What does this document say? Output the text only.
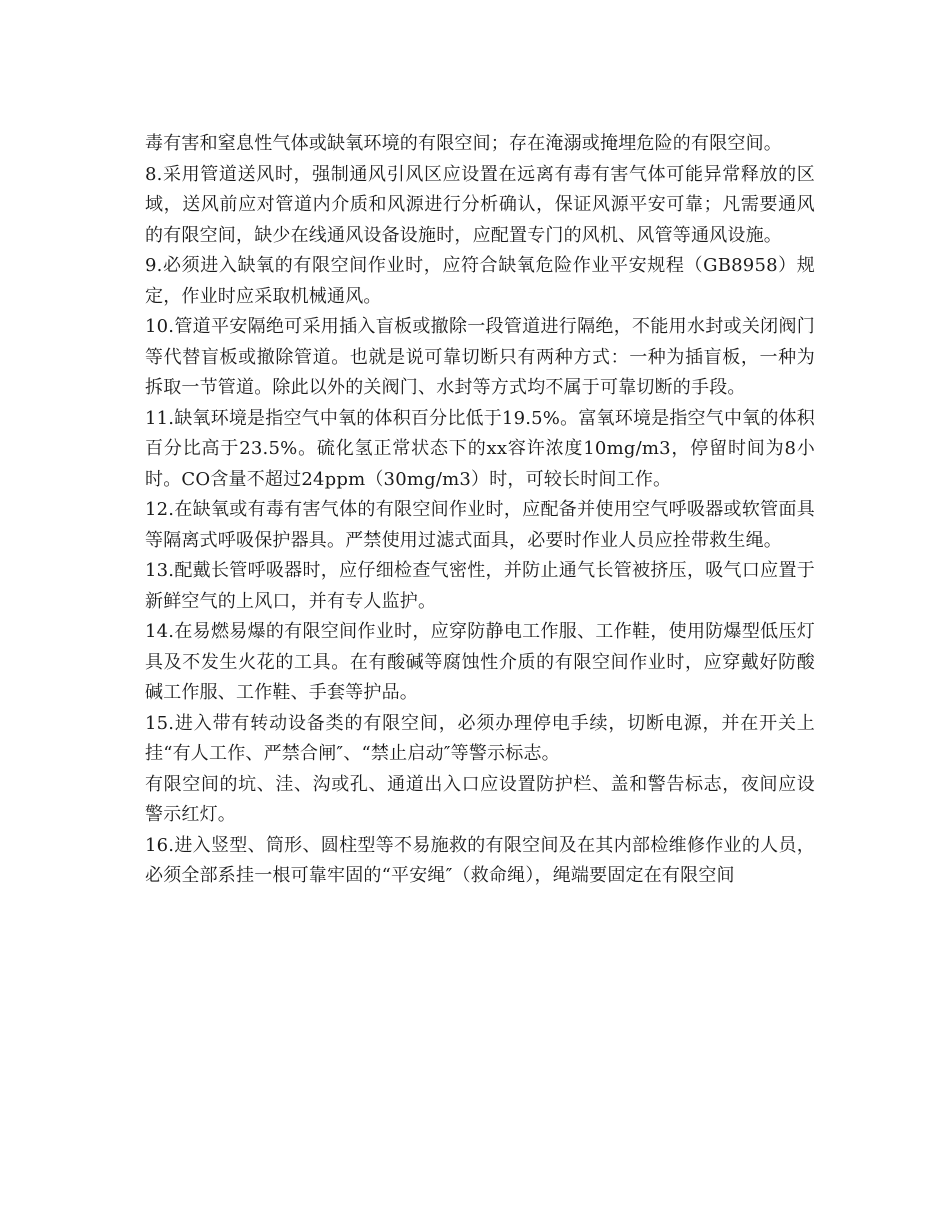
毒有害和窒息性气体或缺氧环境的有限空间；存在淹溺或掩埋危险的有限空间。

8.采用管道送风时，强制通风引风区应设置在远离有毒有害气体可能异常释放的区域，送风前应对管道内介质和风源进行分析确认，保证风源平安可靠；凡需要通风的有限空间，缺少在线通风设备设施时，应配置专门的风机、风管等通风设施。

9.必须进入缺氧的有限空间作业时，应符合缺氧危险作业平安规程（GB8958）规定，作业时应采取机械通风。

10.管道平安隔绝可采用插入盲板或撤除一段管道进行隔绝，不能用水封或关闭阀门等代替盲板或撤除管道。也就是说可靠切断只有两种方式：一种为插盲板，一种为拆取一节管道。除此以外的关阀门、水封等方式均不属于可靠切断的手段。

11.缺氧环境是指空气中氧的体积百分比低于19.5%。富氧环境是指空气中氧的体积百分比高于23.5%。硫化氢正常状态下的xx容许浓度10mg/m3，停留时间为8小时。CO含量不超过24ppm（30mg/m3）时，可较长时间工作。

12.在缺氧或有毒有害气体的有限空间作业时，应配备并使用空气呼吸器或软管面具等隔离式呼吸保护器具。严禁使用过滤式面具，必要时作业人员应拴带救生绳。

13.配戴长管呼吸器时，应仔细检查气密性，并防止通气长管被挤压，吸气口应置于新鲜空气的上风口，并有专人监护。

14.在易燃易爆的有限空间作业时，应穿防静电工作服、工作鞋，使用防爆型低压灯具及不发生火花的工具。在有酸碱等腐蚀性介质的有限空间作业时，应穿戴好防酸碱工作服、工作鞋、手套等护品。

15.进入带有转动设备类的有限空间，必须办理停电手续，切断电源，并在开关上挂“有人工作、严禁合闸″、“禁止启动″等警示标志。

有限空间的坑、洼、沟或孔、通道出入口应设置防护栏、盖和警告标志，夜间应设警示红灯。

16.进入竖型、筒形、圆柱型等不易施救的有限空间及在其内部检维修作业的人员，必须全部系挂一根可靠牢固的“平安绳″（救命绳），绳端要固定在有限空间
